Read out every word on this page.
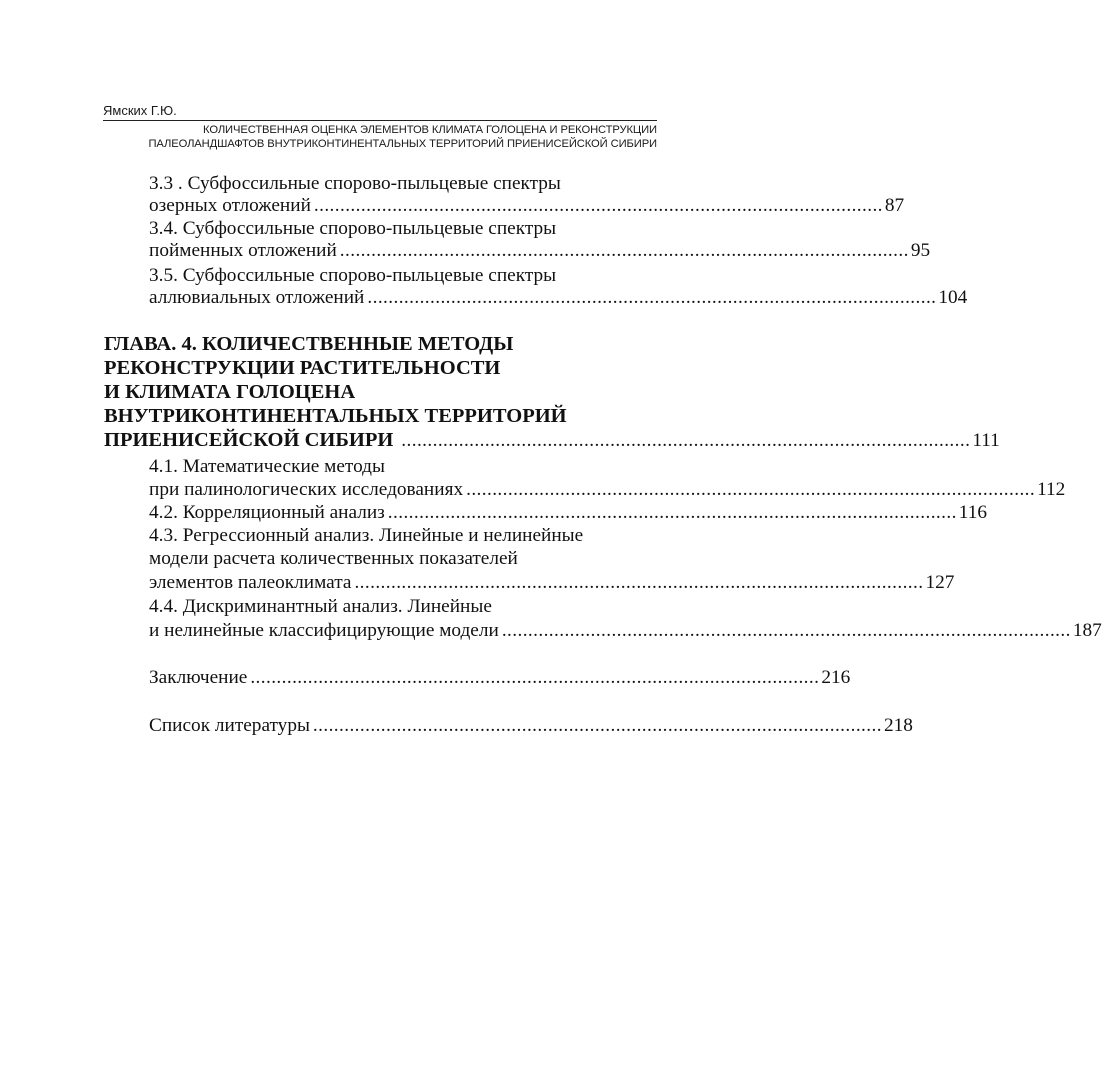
Ямских Г.Ю.
КОЛИЧЕСТВЕННАЯ ОЦЕНКА ЭЛЕМЕНТОВ КЛИМАТА ГОЛОЦЕНА И РЕКОНСТРУКЦИИ
ПАЛЕОЛАНДШАФТОВ ВНУТРИКОНТИНЕНТАЛЬНЫХ ТЕРРИТОРИЙ ПРИЕНИСЕЙСКОЙ СИБИРИ
3.3 . Субфоссильные спорово-пыльцевые спектры
озерных отложений ............................................................................................................. 87
3.4. Субфоссильные спорово-пыльцевые спектры
пойменных отложений ............................................................................................................. 95
3.5. Субфоссильные спорово-пыльцевые спектры
аллювиальных отложений ............................................................................................................. 104
ГЛАВА. 4. КОЛИЧЕСТВЕННЫЕ МЕТОДЫ
РЕКОНСТРУКЦИИ РАСТИТЕЛЬНОСТИ
И КЛИМАТА ГОЛОЦЕНА
ВНУТРИКОНТИНЕНТАЛЬНЫХ ТЕРРИТОРИЙ
ПРИЕНИСЕЙСКОЙ СИБИРИ ............................................................................................................. 111
4.1. Математические методы
при палинологических исследованиях ............................................................................................................. 112
4.2. Корреляционный анализ ............................................................................................................. 116
4.3. Регрессионный анализ. Линейные и нелинейные
модели расчета количественных показателей
элементов палеоклимата ............................................................................................................. 127
4.4. Дискриминантный анализ. Линейные
и нелинейные классифицирующие модели ............................................................................................................. 187
Заключение ............................................................................................................. 216
Список литературы ............................................................................................................. 218
